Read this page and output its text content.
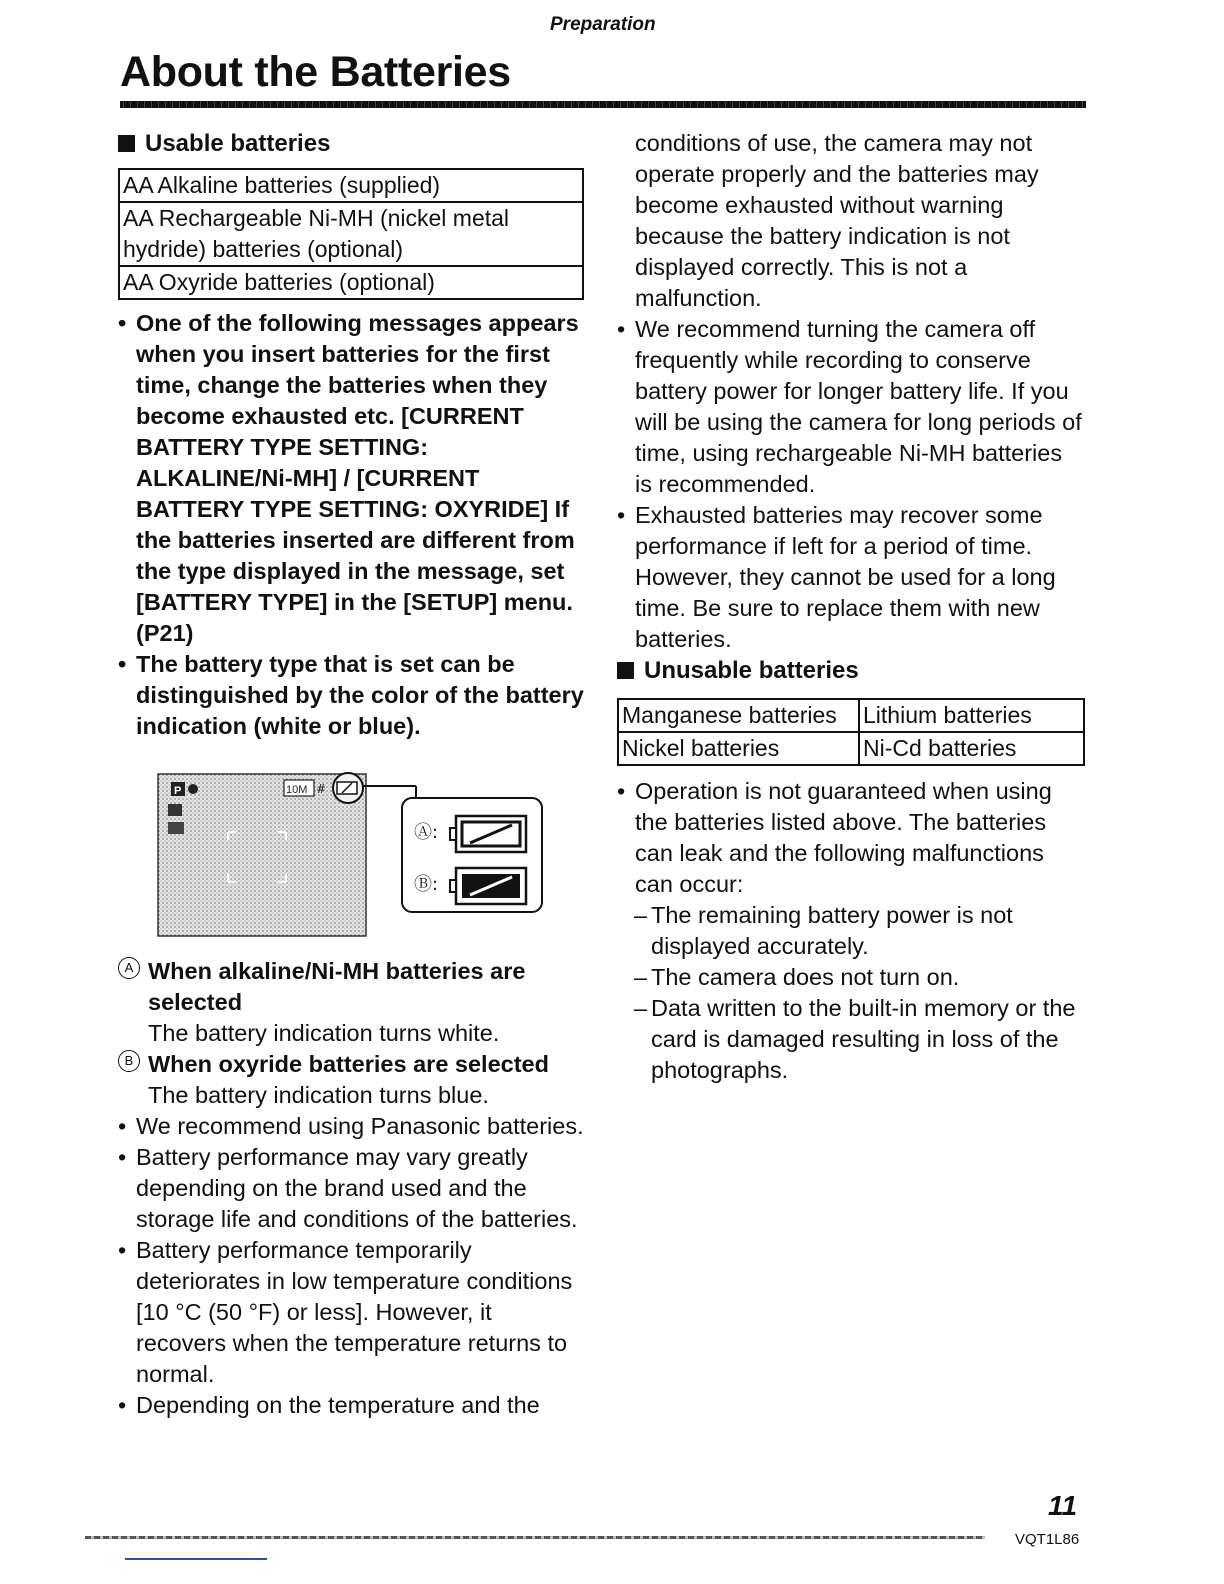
Preparation
About the Batteries
Usable batteries
AA Alkaline batteries (supplied)
AA Rechargeable Ni-MH (nickel metal hydride) batteries (optional)
AA Oxyride batteries (optional)
• One of the following messages appears when you insert batteries for the first time, change the batteries when they become exhausted etc. [CURRENT BATTERY TYPE SETTING: ALKALINE/Ni-MH] / [CURRENT BATTERY TYPE SETTING: OXYRIDE] If the batteries inserted are different from the type displayed in the message, set [BATTERY TYPE] in the [SETUP] menu. (P21)
• The battery type that is set can be distinguished by the color of the battery indication (white or blue).
P	10M #
Ⓐ:
Ⓑ:
A When alkaline/Ni-MH batteries are selected
The battery indication turns white.
B When oxyride batteries are selected
The battery indication turns blue.
• We recommend using Panasonic batteries.
• Battery performance may vary greatly depending on the brand used and the storage life and conditions of the batteries.
• Battery performance temporarily deteriorates in low temperature conditions [10 °C (50 °F) or less]. However, it recovers when the temperature returns to normal.
• Depending on the temperature and the
conditions of use, the camera may not operate properly and the batteries may become exhausted without warning because the battery indication is not displayed correctly. This is not a malfunction.
• We recommend turning the camera off frequently while recording to conserve battery power for longer battery life. If you will be using the camera for long periods of time, using rechargeable Ni-MH batteries is recommended.
• Exhausted batteries may recover some performance if left for a period of time. However, they cannot be used for a long time. Be sure to replace them with new batteries.
Unusable batteries
Manganese batteries	Lithium batteries
Nickel batteries	Ni-Cd batteries
• Operation is not guaranteed when using the batteries listed above. The batteries can leak and the following malfunctions can occur:
– The remaining battery power is not displayed accurately.
– The camera does not turn on.
– Data written to the built-in memory or the card is damaged resulting in loss of the photographs.
11
VQT1L86
